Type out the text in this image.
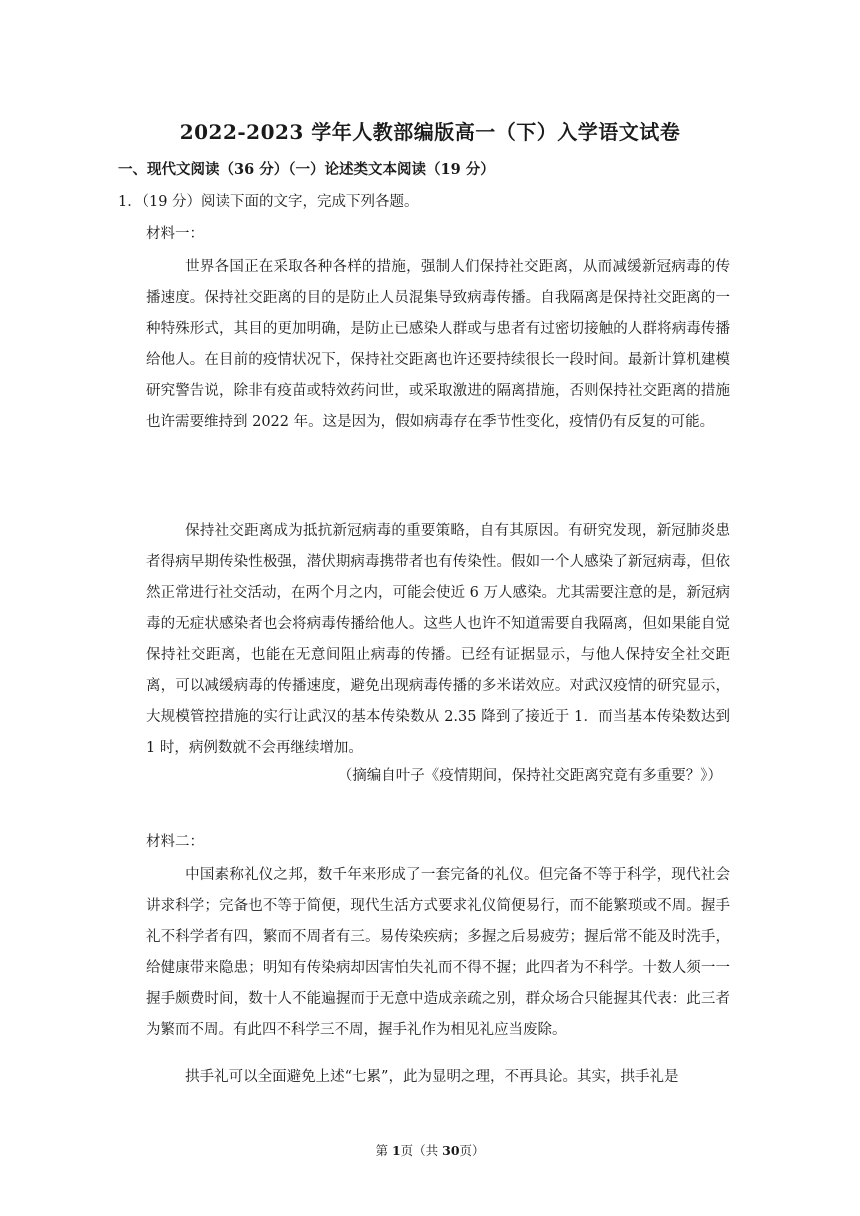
2022-2023 学年人教部编版高一（下）入学语文试卷
一、现代文阅读（36 分）（一）论述类文本阅读（19 分）
1．（19 分）阅读下面的文字，完成下列各题。
材料一：

世界各国正在采取各种各样的措施，强制人们保持社交距离，从而减缓新冠病毒的传播速度。保持社交距离的目的是防止人员混集导致病毒传播。自我隔离是保持社交距离的一种特殊形式，其目的更加明确，是防止已感染人群或与患者有过密切接触的人群将病毒传播给他人。在目前的疫情状况下，保持社交距离也许还要持续很长一段时间。最新计算机建模研究警告说，除非有疫苗或特效药问世，或采取激进的隔离措施，否则保持社交距离的措施也许需要维持到 2022 年。这是因为，假如病毒存在季节性变化，疫情仍有反复的可能。

保持社交距离成为抵抗新冠病毒的重要策略，自有其原因。有研究发现，新冠肺炎患者得病早期传染性极强，潜伏期病毒携带者也有传染性。假如一个人感染了新冠病毒，但依然正常进行社交活动，在两个月之内，可能会使近 6 万人感染。尤其需要注意的是，新冠病毒的无症状感染者也会将病毒传播给他人。这些人也许不知道需要自我隔离，但如果能自觉保持社交距离，也能在无意间阻止病毒的传播。已经有证据显示，与他人保持安全社交距离，可以减缓病毒的传播速度，避免出现病毒传播的多米诺效应。对武汉疫情的研究显示，大规模管控措施的实行让武汉的基本传染数从 2.35 降到了接近于 1．而当基本传染数达到 1 时，病例数就不会再继续增加。

（摘编自叶子《疫情期间，保持社交距离究竟有多重要？》）
材料二：

中国素称礼仪之邦，数千年来形成了一套完备的礼仪。但完备不等于科学，现代社会讲求科学；完备也不等于简便，现代生活方式要求礼仪简便易行，而不能繁琐或不周。握手礼不科学者有四，繁而不周者有三。易传染疾病；多握之后易疲劳；握后常不能及时洗手，给健康带来隐患；明知有传染病却因害怕失礼而不得不握；此四者为不科学。十数人须一一握手颇费时间，数十人不能遍握而于无意中造成亲疏之别，群众场合只能握其代表：此三者为繁而不周。有此四不科学三不周，握手礼作为相见礼应当废除。

拱手礼可以全面避免上述“七累”，此为显明之理，不再具论。其实，拱手礼是

第 1页（共 30页）
